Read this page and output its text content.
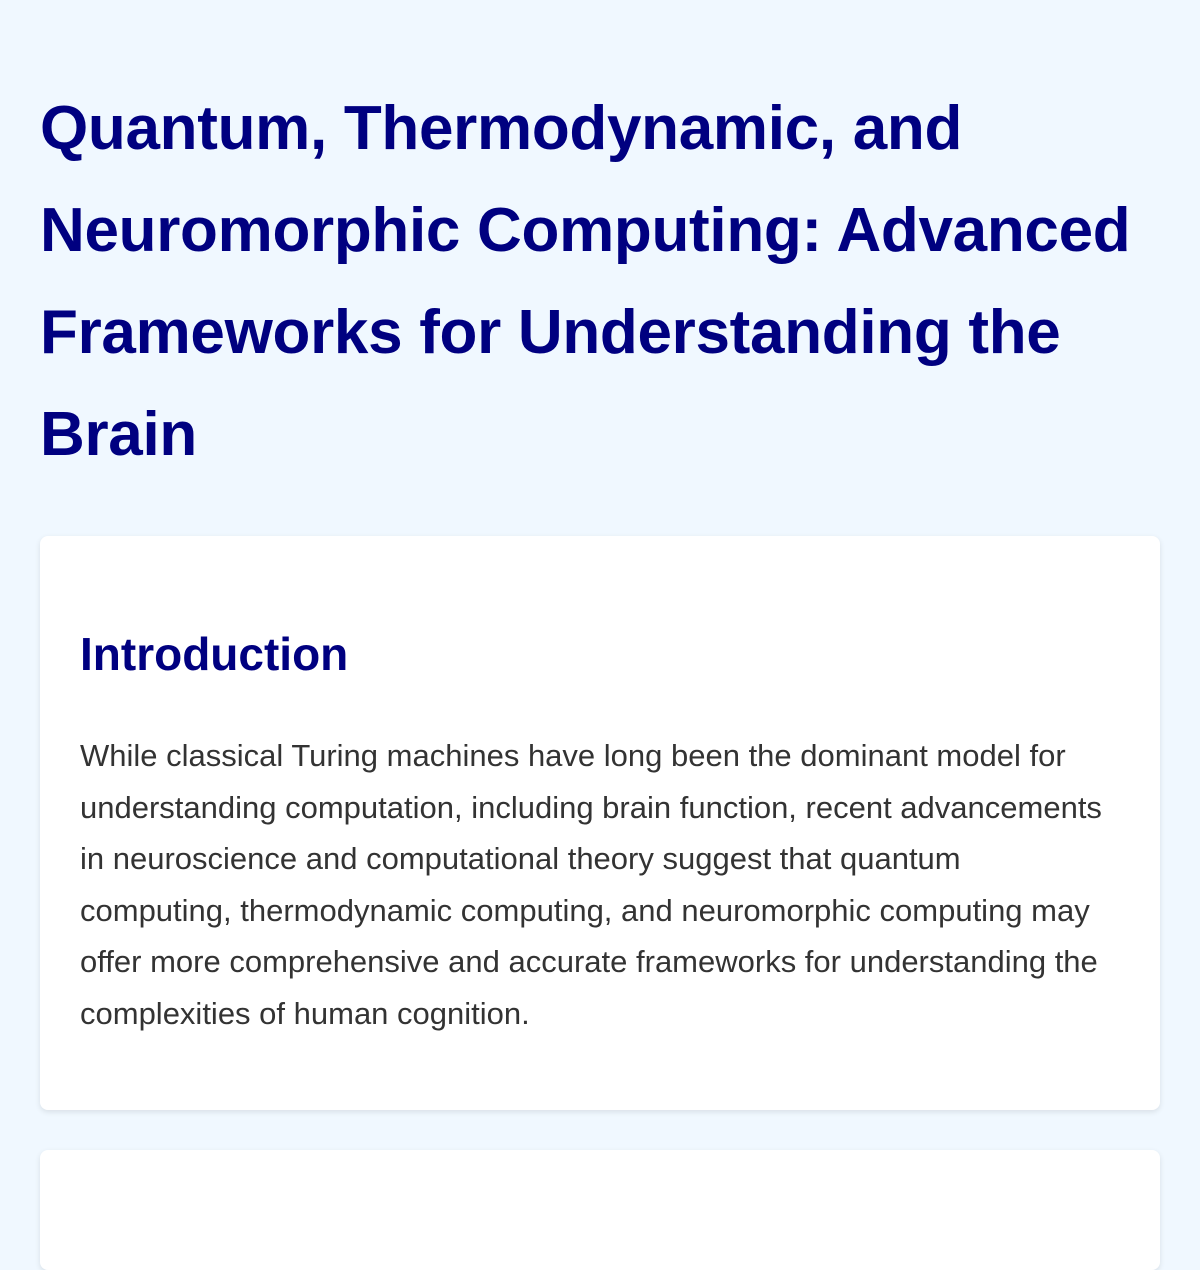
Quantum, Thermodynamic, and Neuromorphic Computing: Advanced Frameworks for Understanding the Brain
Introduction

While classical Turing machines have long been the dominant model for understanding computation, including brain function, recent advancements in neuroscience and computational theory suggest that quantum computing, thermodynamic computing, and neuromorphic computing may offer more comprehensive and accurate frameworks for understanding the complexities of human cognition.
